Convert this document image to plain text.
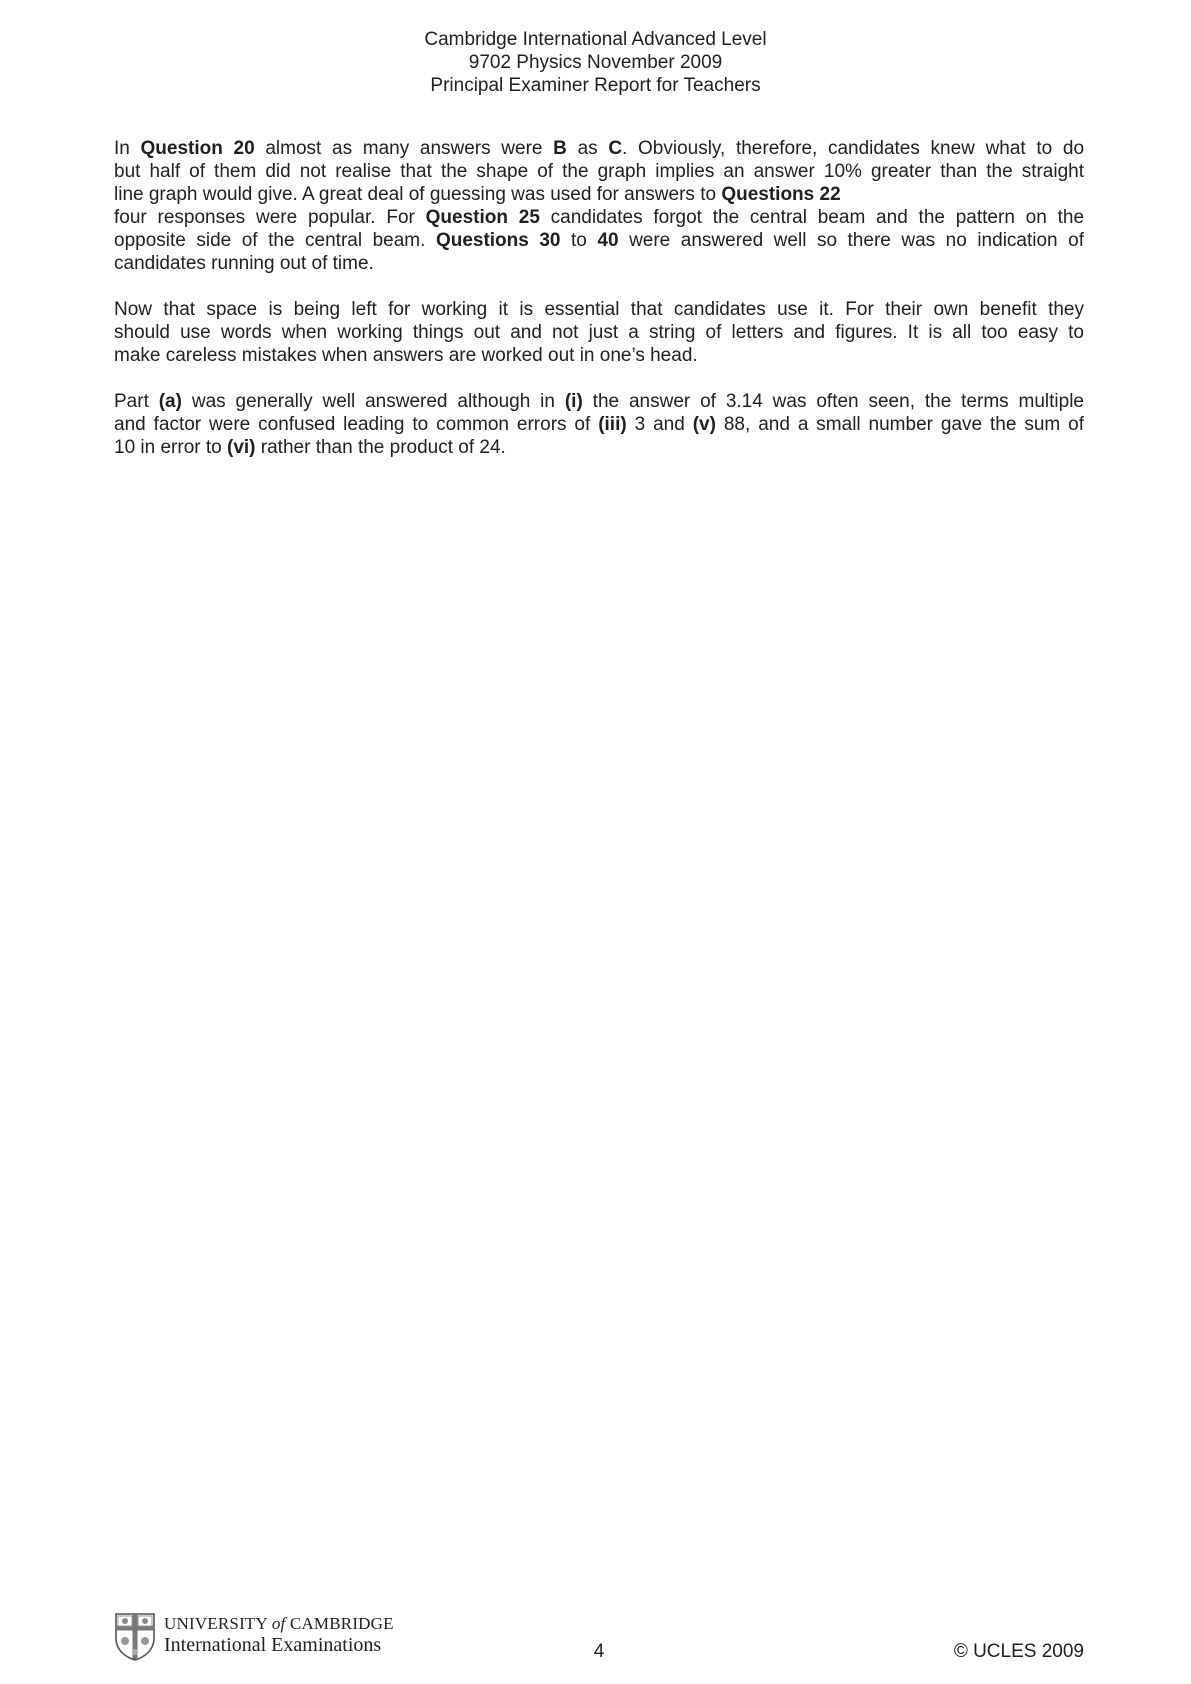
Cambridge International Advanced Level
9702 Physics November 2009
Principal Examiner Report for Teachers

In Question 20 almost as many answers were B as C. Obviously, therefore, candidates knew what to do
but half of them did not realise that the shape of the graph implies an answer 10% greater than the straight
line graph would give. A great deal of guessing was used for answers to Questions 22
four responses were popular. For Question 25 candidates forgot the central beam and the pattern on the
opposite side of the central beam. Questions 30 to 40 were answered well so there was no indication of
candidates running out of time.

Now that space is being left for working it is essential that candidates use it. For their own benefit they
should use words when working things out and not just a string of letters and figures. It is all too easy to
make careless mistakes when answers are worked out in one’s head.

Part (a) was generally well answered although in (i) the answer of 3.14 was often seen, the terms multiple
and factor were confused leading to common errors of (iii) 3 and (v) 88, and a small number gave the sum of
10 in error to (vi) rather than the product of 24.

UNIVERSITY of CAMBRIDGE
International Examinations	4	© UCLES 2009
